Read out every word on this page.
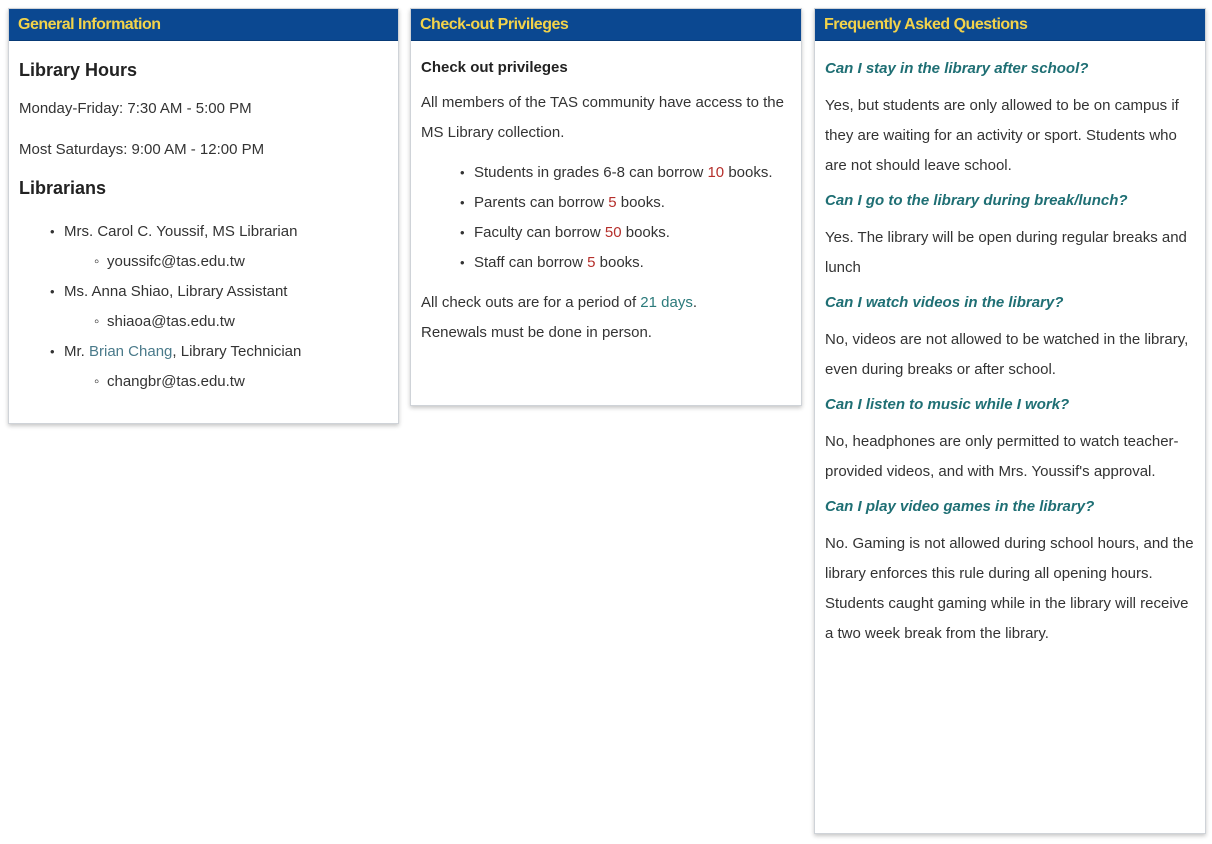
General Information
Library Hours

Monday-Friday: 7:30 AM - 5:00 PM

Most Saturdays: 9:00 AM - 12:00 PM

Librarians
• Mrs. Carol C. Youssif, MS Librarian
◦ youssifc@tas.edu.tw
• Ms. Anna Shiao, Library Assistant
◦ shiaoa@tas.edu.tw
• Mr. Brian Chang, Library Technician
◦ changbr@tas.edu.tw
Check-out Privileges
Check out privileges

All members of the TAS community have access to the MS Library collection.

• Students in grades 6-8 can borrow 10 books.
• Parents can borrow 5 books.
• Faculty can borrow 50 books.
• Staff can borrow 5 books.

All check outs are for a period of 21 days.

Renewals must be done in person.

Frequently Asked Questions
Can I stay in the library after school?

Yes, but students are only allowed to be on campus if they are waiting for an activity or sport. Students who are not should leave school.

Can I go to the library during break/lunch?

Yes. The library will be open during regular breaks and lunch

Can I watch videos in the library?

No, videos are not allowed to be watched in the library, even during breaks or after school.

Can I listen to music while I work?

No, headphones are only permitted to watch teacher-provided videos, and with Mrs. Youssif's approval.

Can I play video games in the library?

No. Gaming is not allowed during school hours, and the library enforces this rule during all opening hours. Students caught gaming while in the library will receive a two week break from the library.
